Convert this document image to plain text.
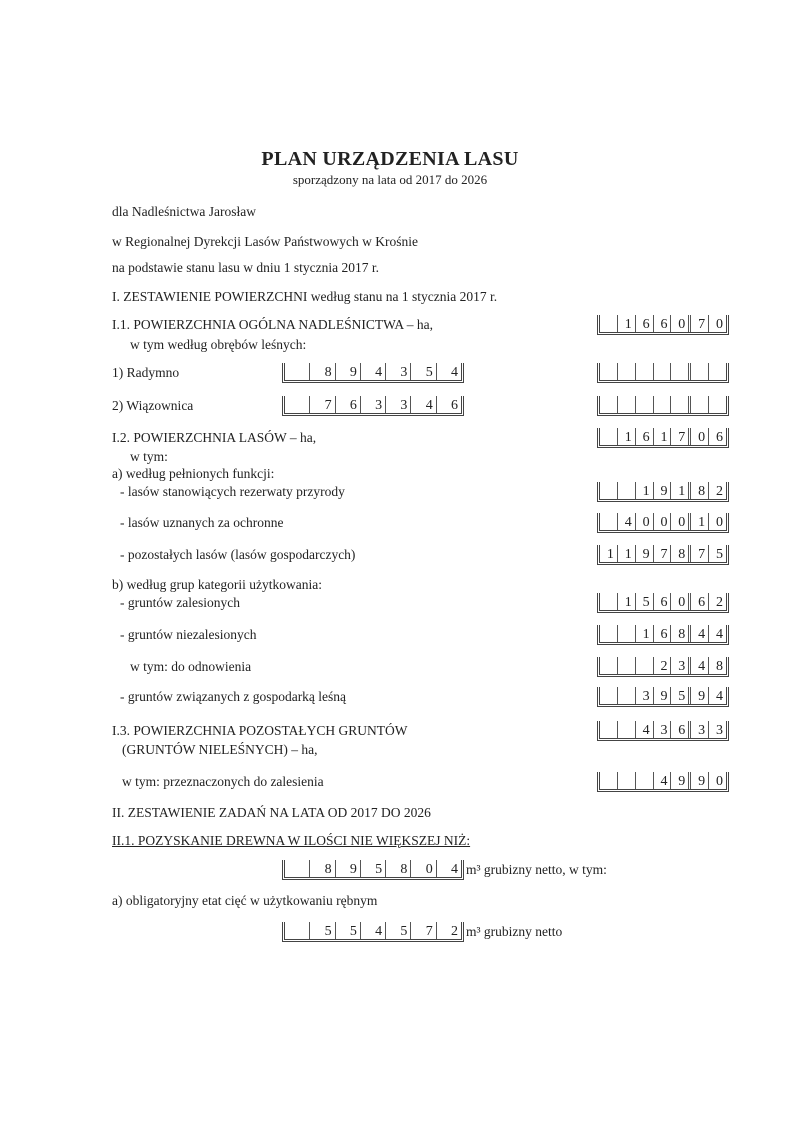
PLAN URZĄDZENIA LASU
sporządzony na lata od 2017 do 2026
dla Nadleśnictwa Jarosław
w Regionalnej Dyrekcji Lasów Państwowych w Krośnie
na podstawie stanu lasu w dniu 1 stycznia 2017 r.
I. ZESTAWIENIE POWIERZCHNI według stanu na 1 stycznia 2017 r.
I.1. POWIERZCHNIA OGÓLNA NADLEŚNICTWA – ha,	1 6 6 0 7 0
w tym według obrębów leśnych:
1) Radymno	8	9	4	3	5	4
2) Wiązownica	7	6	3	3	4	6
I.2. POWIERZCHNIA LASÓW – ha,	1 6 1 7 0 6
w tym:
a) według pełnionych funkcji:
- lasów stanowiących rezerwaty przyrody	1 9 1 8 2
- lasów uznanych za ochronne	4 0 0 0 1 0
- pozostałych lasów (lasów gospodarczych)	1 1 9 7 8 7 5
b) według grup kategorii użytkowania:
- gruntów zalesionych	1 5 6 0 6 2
- gruntów niezalesionych	1 6 8 4 4
w tym: do odnowienia	2 3 4 8
- gruntów związanych z gospodarką leśną	3 9 5 9 4
I.3. POWIERZCHNIA POZOSTAŁYCH GRUNTÓW	4 3 6 3 3
(GRUNTÓW NIELEŚNYCH) – ha,
w tym: przeznaczonych do zalesienia	4 9 9 0
II. ZESTAWIENIE ZADAŃ NA LATA OD 2017 DO 2026
II.1. POZYSKANIE DREWNA W ILOŚCI NIE WIĘKSZEJ NIŻ:
8	9	5	8	0	4 m³ grubizny netto, w tym:
a) obligatoryjny etat cięć w użytkowaniu rębnym
5	5	4	5	7	2 m³ grubizny netto
